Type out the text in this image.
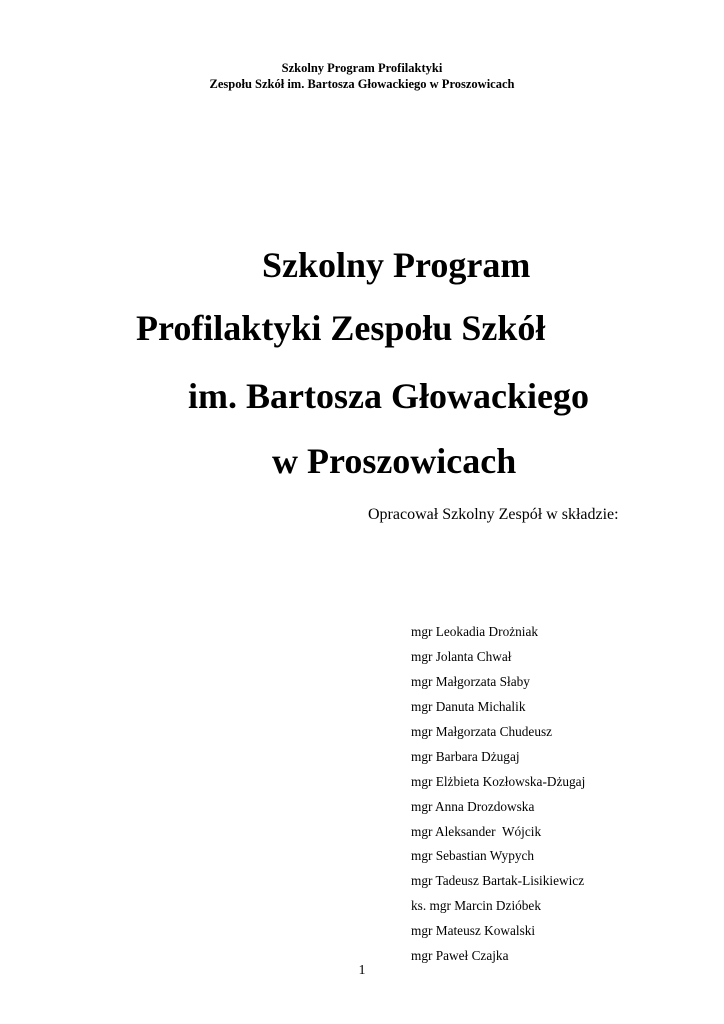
Szkolny Program Profilaktyki
Zespołu Szkół im. Bartosza Głowackiego w Proszowicach
Szkolny Program
Profilaktyki Zespołu Szkół
im. Bartosza Głowackiego
w Proszowicach
Opracował Szkolny Zespół w składzie:
mgr Leokadia Drożniak
mgr Jolanta Chwał
mgr Małgorzata Słaby
mgr Danuta Michalik
mgr Małgorzata Chudeusz
mgr Barbara Dżugaj
mgr Elżbieta Kozłowska-Dżugaj
mgr Anna Drozdowska
mgr Aleksander  Wójcik
mgr Sebastian Wypych
mgr Tadeusz Bartak-Lisikiewicz
ks. mgr Marcin Dzióbek
mgr Mateusz Kowalski
mgr Paweł Czajka
1
